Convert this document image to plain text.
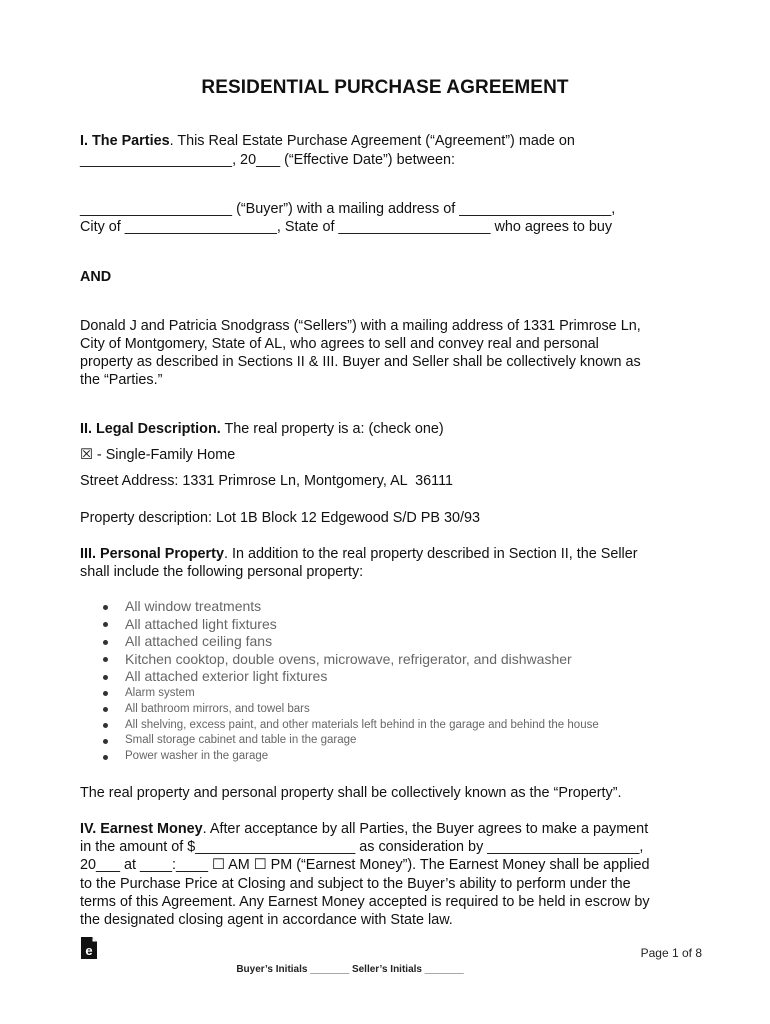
RESIDENTIAL PURCHASE AGREEMENT
I. The Parties. This Real Estate Purchase Agreement (“Agreement”) made on
___________________, 20___ (“Effective Date”) between:
___________________ (“Buyer”) with a mailing address of ___________________,
City of ___________________, State of ___________________ who agrees to buy
AND
Donald J and Patricia Snodgrass (“Sellers”) with a mailing address of 1331 Primrose Ln,
City of Montgomery, State of AL, who agrees to sell and convey real and personal
property as described in Sections II & III. Buyer and Seller shall be collectively known as
the “Parties.”
II. Legal Description. The real property is a: (check one)
☒ - Single-Family Home
Street Address: 1331 Primrose Ln, Montgomery, AL  36111
Property description: Lot 1B Block 12 Edgewood S/D PB 30/93
III. Personal Property. In addition to the real property described in Section II, the Seller
shall include the following personal property:
All window treatments
All attached light fixtures
All attached ceiling fans
Kitchen cooktop, double ovens, microwave, refrigerator, and dishwasher
All attached exterior light fixtures
Alarm system
All bathroom mirrors, and towel bars
All shelving, excess paint, and other materials left behind in the garage and behind the house
Small storage cabinet and table in the garage
Power washer in the garage
The real property and personal property shall be collectively known as the “Property”.
IV. Earnest Money. After acceptance by all Parties, the Buyer agrees to make a payment
in the amount of $____________________ as consideration by ___________________,
20___ at ____:____ ☐ AM ☐ PM (“Earnest Money”). The Earnest Money shall be applied
to the Purchase Price at Closing and subject to the Buyer’s ability to perform under the
terms of this Agreement. Any Earnest Money accepted is required to be held in escrow by
the designated closing agent in accordance with State law.
e	Page 1 of 8
Buyer’s Initials _______ Seller’s Initials _______
